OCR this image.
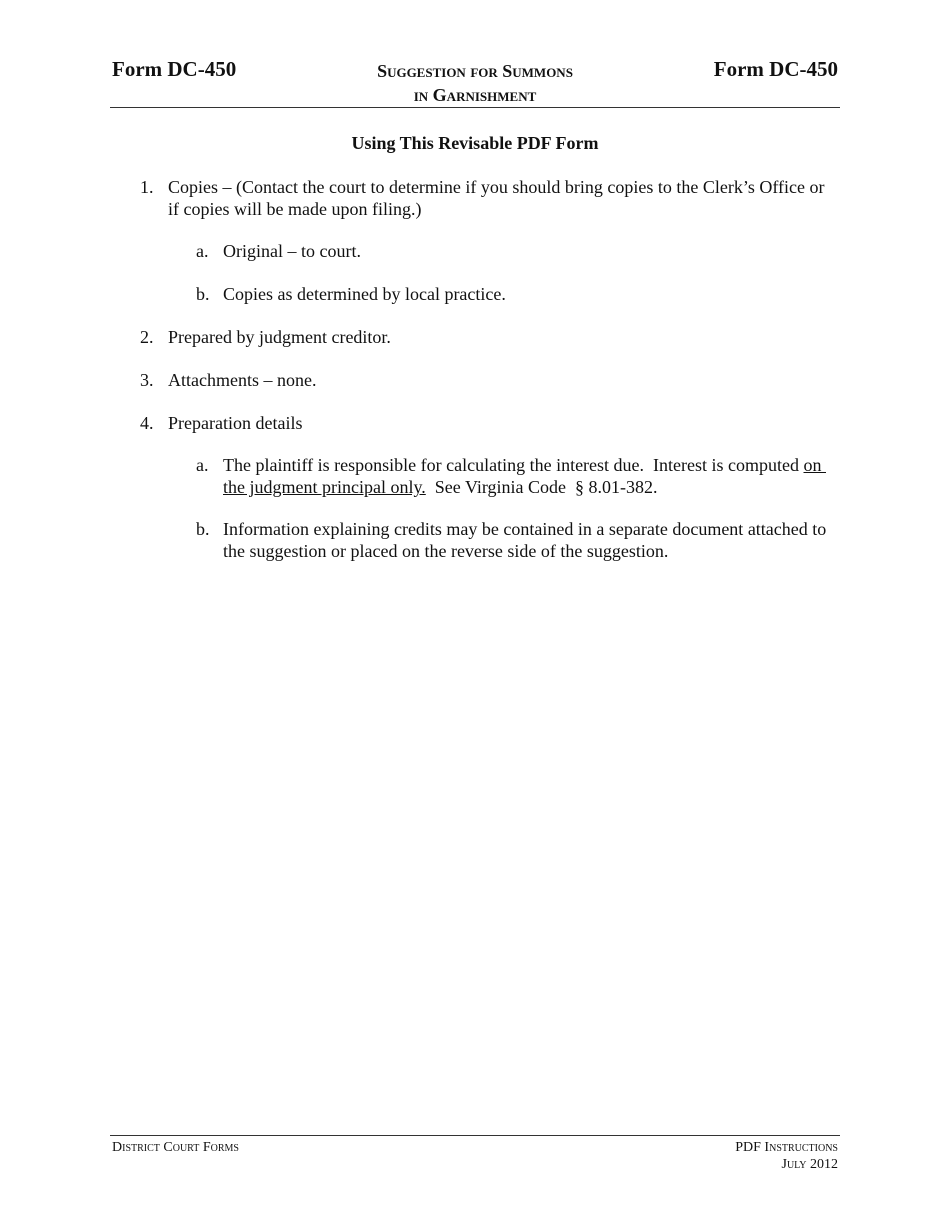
Form DC-450	Suggestion for Summons
in Garnishment
Form DC-450
Using This Revisable PDF Form
1. Copies – (Contact the court to determine if you should bring copies to the Clerk’s Office or if copies will be made upon filing.)
a. Original – to court.
b. Copies as determined by local practice.
2. Prepared by judgment creditor.
3. Attachments – none.
4. Preparation details
a. The plaintiff is responsible for calculating the interest due.  Interest is computed on the judgment principal only.  See Virginia Code  § 8.01-382.
b. Information explaining credits may be contained in a separate document attached to the suggestion or placed on the reverse side of the suggestion.
District Court Forms	PDF Instructions
July 2012
